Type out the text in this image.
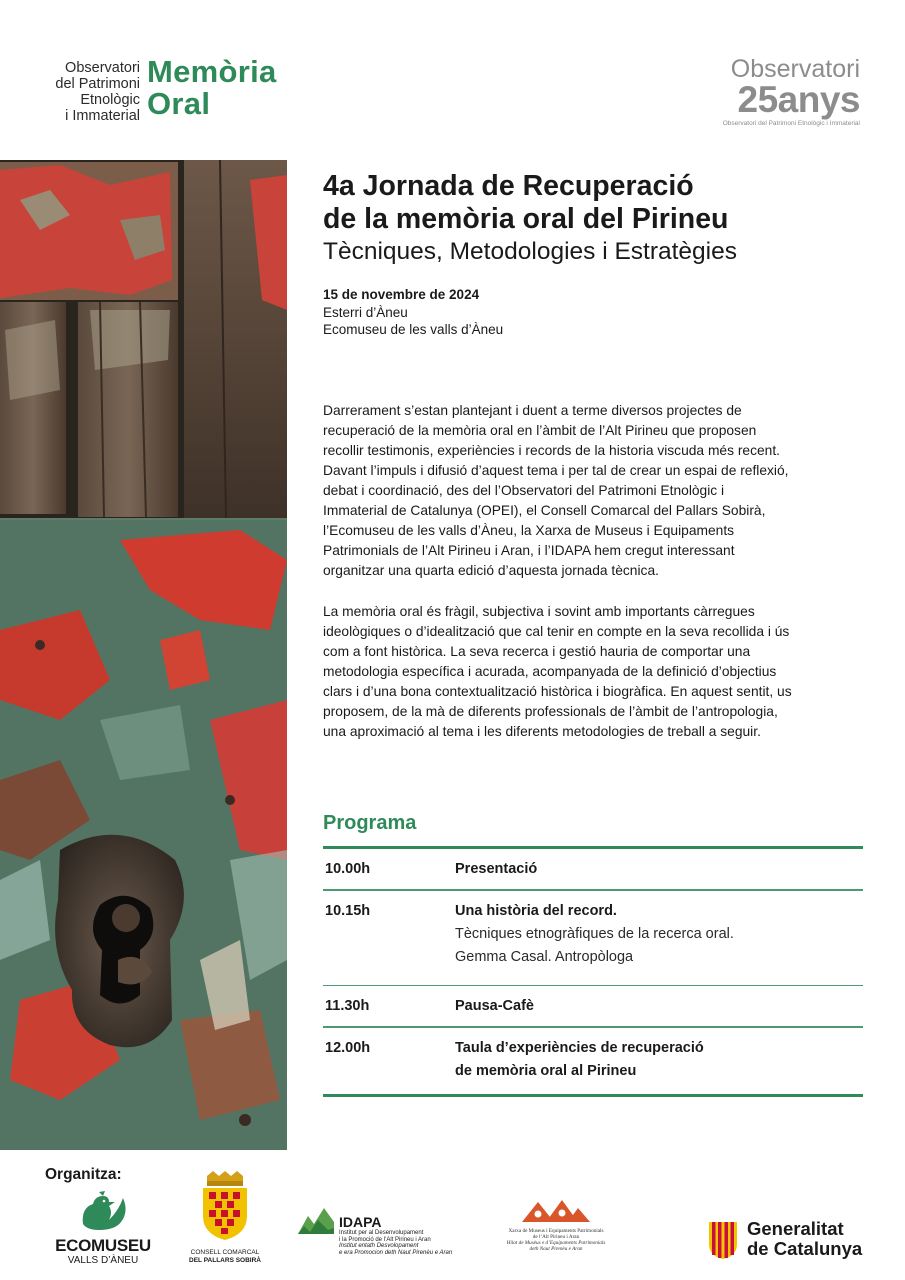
Observatori
del Patrimoni
Etnològic
i Immaterial
Memòria
Oral
Observatori
25anys
Observatori del Patrimoni Etnològic i Immaterial
4a Jornada de Recuperació
de la memòria oral del Pirineu
Tècniques, Metodologies i Estratègies
15 de novembre de 2024
Esterri d’Àneu
Ecomuseu de les valls d’Àneu
Darrerament s’estan plantejant i duent a terme diversos projectes de
recuperació de la memòria oral en l’àmbit de l’Alt Pirineu que proposen
recollir testimonis, experiències i records de la historia viscuda més recent.
Davant l’impuls i difusió d’aquest tema i per tal de crear un espai de reflexió,
debat i coordinació, des del l’Observatori del Patrimoni Etnològic i
Immaterial de Catalunya (OPEI), el Consell Comarcal del Pallars Sobirà,
l’Ecomuseu de les valls d’Àneu, la Xarxa de Museus i Equipaments
Patrimonials de l’Alt Pirineu i Aran, i l’IDAPA hem cregut interessant
organitzar una quarta edició d’aquesta jornada tècnica.
La memòria oral és fràgil, subjectiva i sovint amb importants càrregues
ideològiques o d’idealització que cal tenir en compte en la seva recollida i ús
com a font històrica. La seva recerca i gestió hauria de comportar una
metodologia específica i acurada, acompanyada de la definició d’objectius
clars i d’una bona contextualització històrica i biogràfica. En aquest sentit, us
proposem, de la mà de diferents professionals de l’àmbit de l’antropologia,
una aproximació al tema i les diferents metodologies de treball a seguir.
Programa
10.00h	Presentació
10.15h	Una història del record.
Tècniques etnogràfiques de la recerca oral.
Gemma Casal. Antropòloga
11.30h	Pausa-Cafè
12.00h	Taula d’experiències de recuperació
de memòria oral al Pirineu
Organitza:
ECOMUSEU
VALLS D’ÀNEU
CONSELL COMARCAL
DEL PALLARS SOBIRÀ
IDAPA
Institut per al Desenvolupament
i la Promoció de l’Alt Pirineu i Aran
Institut entath Desvolopament
e era Promocion deth Naut Pirenèu e Aran
Xarxa de Museus i Equipaments Patrimonials
de l’Alt Pirineu i Aran
Hilat de Musèus e d’Equipaments Patrimonials
deth Naut Pirenèu e Aran
Generalitat
de Catalunya
